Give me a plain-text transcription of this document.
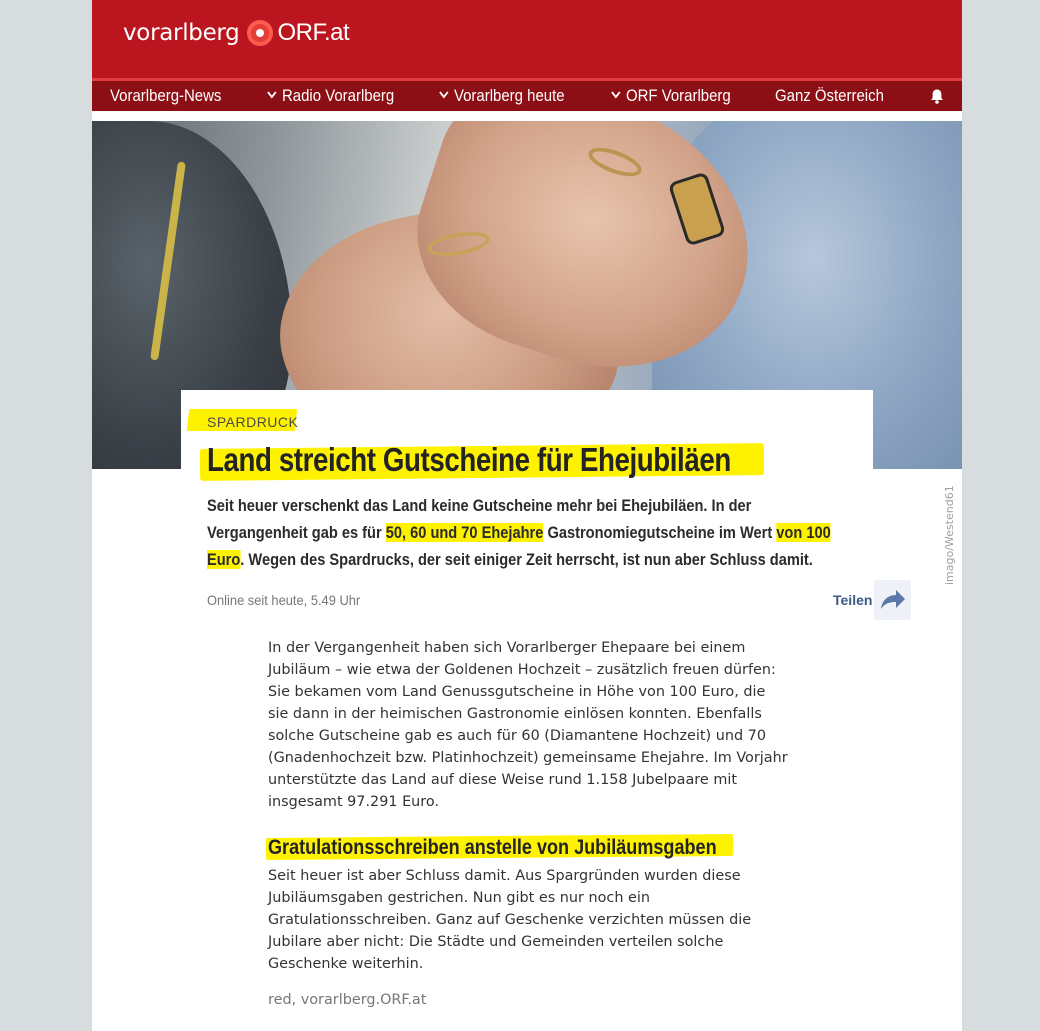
vorarlberg ORF.at
Vorarlberg-News	Radio Vorarlberg	Vorarlberg heute	ORF Vorarlberg	Ganz Österreich
SPARDRUCK
Land streicht Gutscheine für Ehejubiläen
Seit heuer verschenkt das Land keine Gutscheine mehr bei Ehejubiläen. In der Vergangenheit gab es für 50, 60 und 70 Ehejahre Gastronomiegutscheine im Wert von 100 Euro. Wegen des Spardrucks, der seit einiger Zeit herrscht, ist nun aber Schluss damit.	imago/Westend61
Online seit heute, 5.49 Uhr	Teilen

In der Vergangenheit haben sich Vorarlberger Ehepaare bei einem Jubiläum – wie etwa der Goldenen Hochzeit – zusätzlich freuen dürfen: Sie bekamen vom Land Genussgutscheine in Höhe von 100 Euro, die sie dann in der heimischen Gastronomie einlösen konnten. Ebenfalls solche Gutscheine gab es auch für 60 (Diamantene Hochzeit) und 70 (Gnadenhochzeit bzw. Platinhochzeit) gemeinsame Ehejahre. Im Vorjahr unterstützte das Land auf diese Weise rund 1.158 Jubelpaare mit insgesamt 97.291 Euro.

Gratulationsschreiben anstelle von Jubiläumsgaben

Seit heuer ist aber Schluss damit. Aus Spargründen wurden diese Jubiläumsgaben gestrichen. Nun gibt es nur noch ein Gratulationsschreiben. Ganz auf Geschenke verzichten müssen die Jubilare aber nicht: Die Städte und Gemeinden verteilen solche Geschenke weiterhin.

red, vorarlberg.ORF.at
